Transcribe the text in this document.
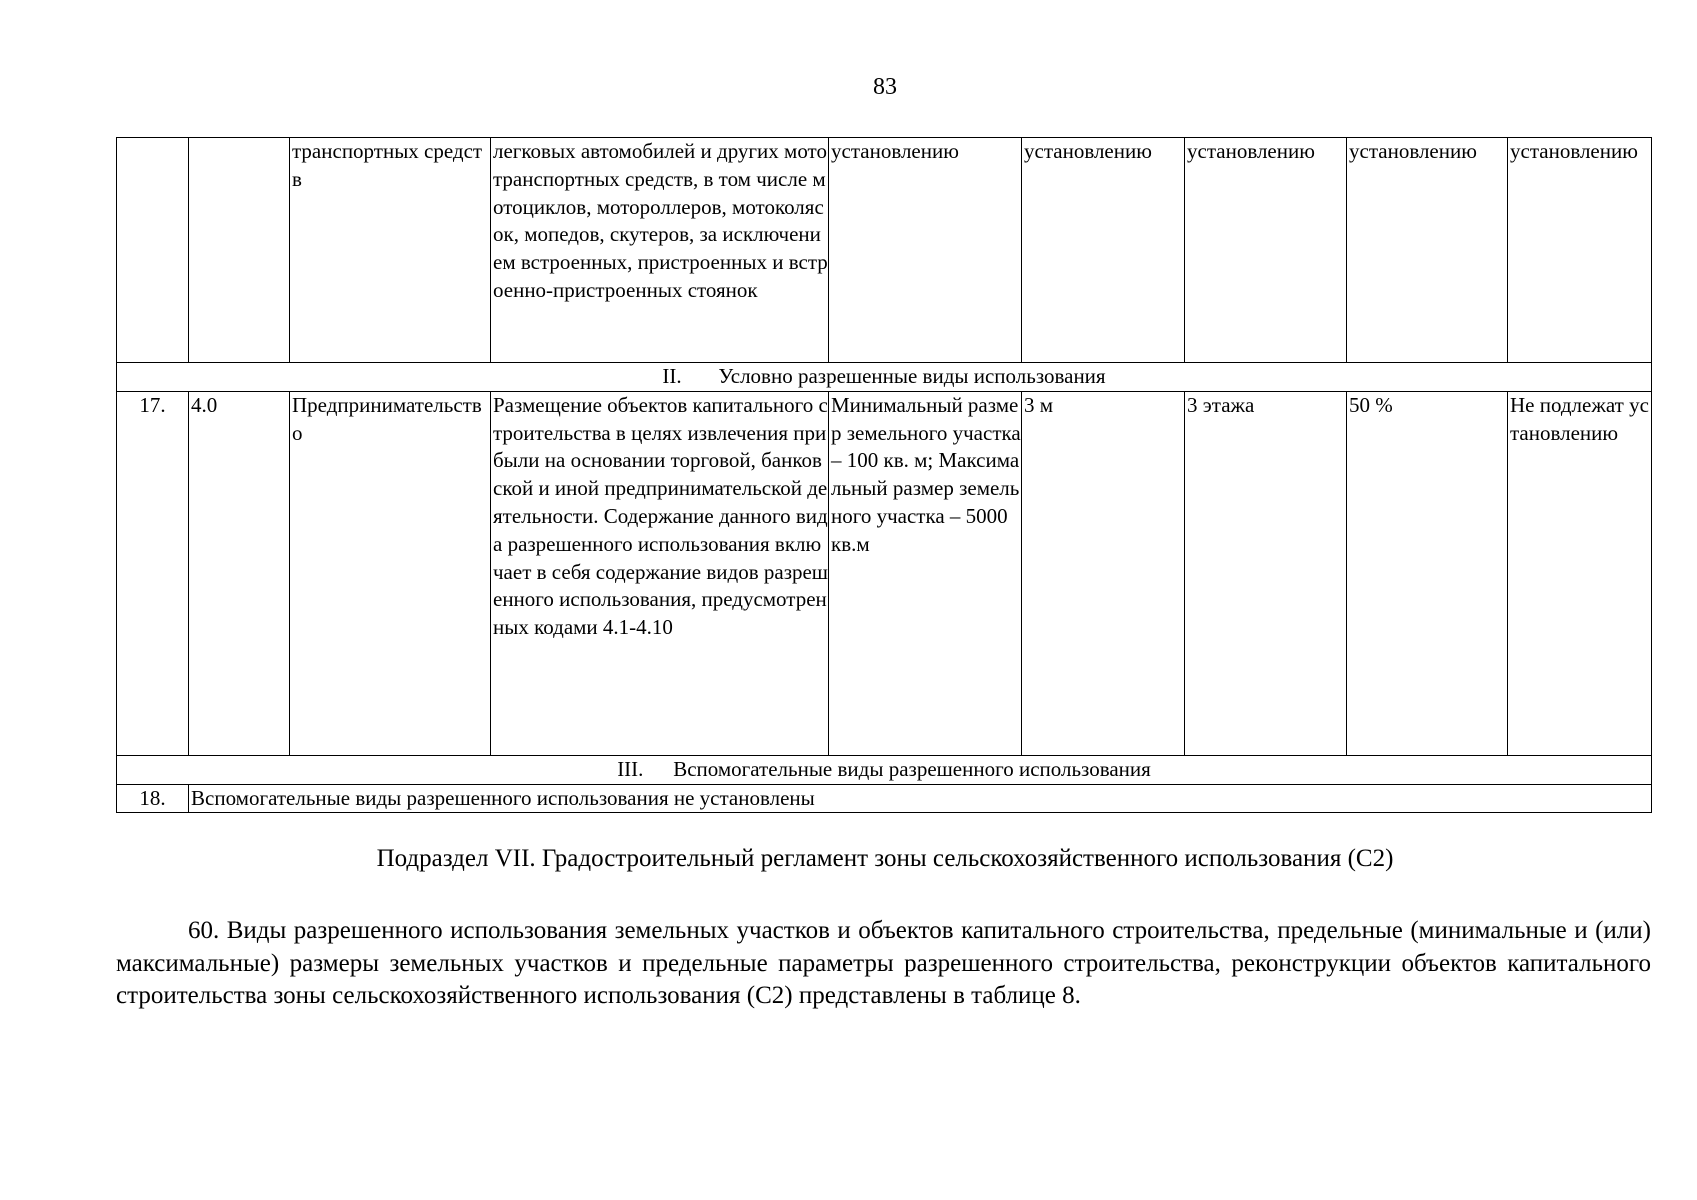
83
		транспортных средств	легковых автомобилей и других мототранспортных средств, в том числе мотоциклов, мотороллеров, мотоколясок, мопедов, скутеров, за исключением встроенных, пристроенных и встроенно-пристроенных стоянок	установлению	установлению	установлению	установлению	установлению
II. Условно разрешенные виды использования								
17.	4.0	Предпринимательство	Размещение объектов капитального строительства в целях извлечения прибыли на основании торговой, банковской и иной предпринимательской деятельности. Содержание данного вида разрешенного использования включает в себя содержание видов разрешенного использования, предусмотренных кодами 4.1-4.10	Минимальный размер земельного участка – 100 кв. м; Максимальный размер земельного участка – 5000 кв.м	3 м	3 этажа	50 %	Не подлежат установлению
III. Вспомогательные виды разрешенного использования								
18.	Вспомогательные виды разрешенного использования не установлены							
Подраздел VII. Градостроительный регламент зоны сельскохозяйственного использования (С2)
60. Виды разрешенного использования земельных участков и объектов капитального строительства, предельные (минимальные и (или) максимальные) размеры земельных участков и предельные параметры разрешенного строительства, реконструкции объектов капитального строительства зоны сельскохозяйственного использования (С2) представлены в таблице 8.
